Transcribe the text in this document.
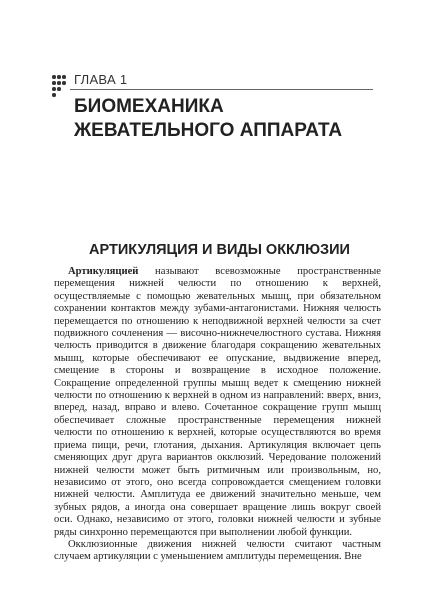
ГЛАВА 1
БИОМЕХАНИКА ЖЕВАТЕЛЬНОГО АППАРАТА
АРТИКУЛЯЦИЯ И ВИДЫ ОККЛЮЗИИ

Артикуляцией называют всевозможные пространственные перемещения нижней челюсти по отношению к верхней, осуществляемые с помощью жевательных мышц, при обязательном сохранении контактов между зубами-антагонистами. Нижняя челюсть перемещается по отношению к неподвижной верхней челюсти за счет подвижного сочленения — височно-нижнечелюстного сустава. Нижняя челюсть приводится в движение благодаря сокращению жевательных мышц, которые обеспечивают ее опускание, выдвижение вперед, смещение в стороны и возвращение в исходное положение. Сокращение определенной группы мышц ведет к смещению нижней челюсти по отношению к верхней в одном из направлений: вверх, вниз, вперед, назад, вправо и влево. Сочетанное сокращение групп мышц обеспечивает сложные пространственные перемещения нижней челюсти по отношению к верхней, которые осуществляются во время приема пищи, речи, глотания, дыхания. Артикуляция включает цепь сменяющих друг друга вариантов окклюзий. Чередование положений нижней челюсти может быть ритмичным или произвольным, но, независимо от этого, оно всегда сопровождается смещением головки нижней челюсти. Амплитуда ее движений значительно меньше, чем зубных рядов, а иногда она совершает вращение лишь вокруг своей оси. Однако, независимо от этого, головки нижней челюсти и зубные ряды синхронно перемещаются при выполнении любой функции.

Окклюзионные движения нижней челюсти считают частным случаем артикуляции с уменьшением амплитуды перемещения. Вне
